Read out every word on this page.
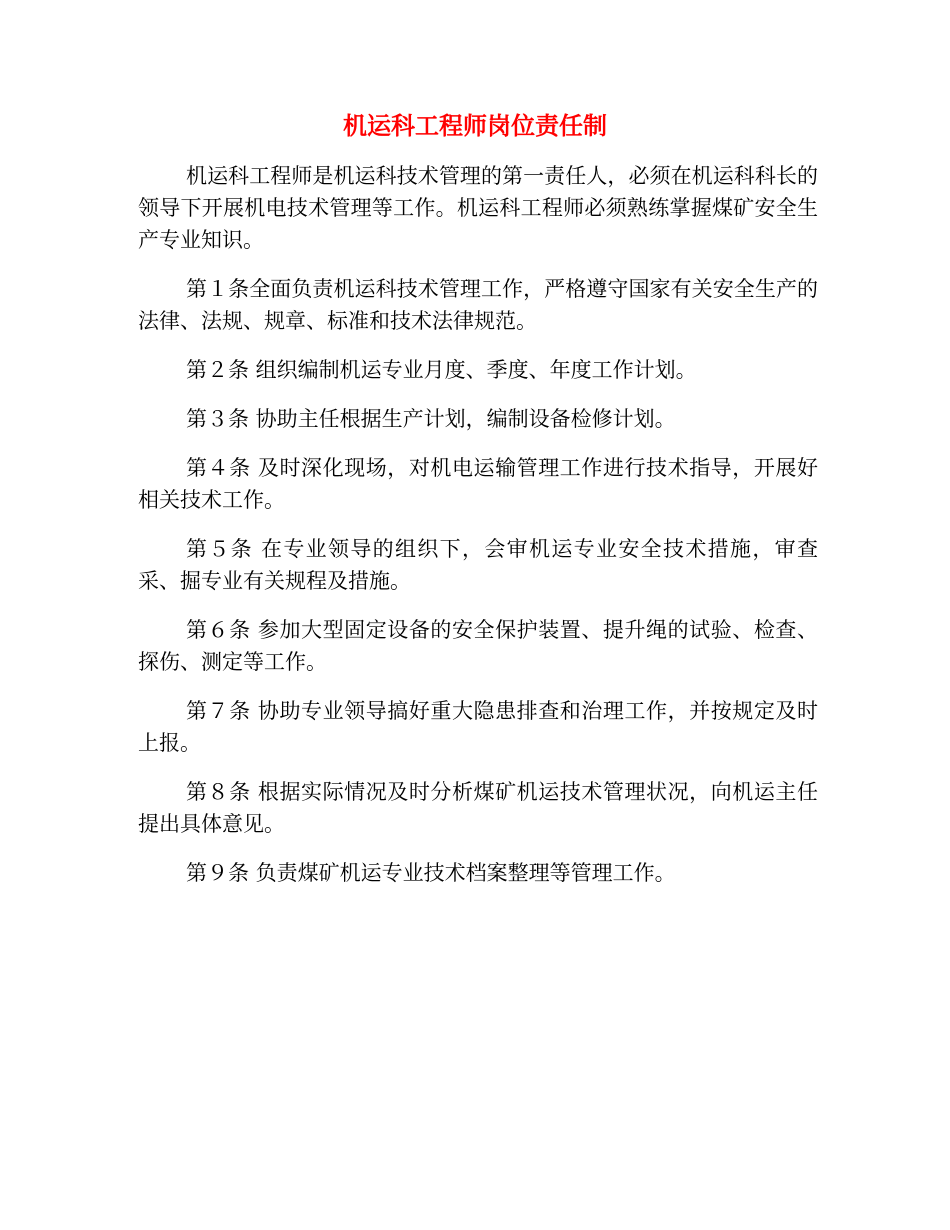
机运科工程师岗位责任制

机运科工程师是机运科技术管理的第一责任人，必须在机运科科长的领导下开展机电技术管理等工作。机运科工程师必须熟练掌握煤矿安全生产专业知识。

第１条全面负责机运科技术管理工作，严格遵守国家有关安全生产的法律、法规、规章、标准和技术法律规范。

第２条 组织编制机运专业月度、季度、年度工作计划。

第３条 协助主任根据生产计划，编制设备检修计划。

第４条 及时深化现场，对机电运输管理工作进行技术指导，开展好相关技术工作。

第５条 在专业领导的组织下，会审机运专业安全技术措施，审查采、掘专业有关规程及措施。

第６条 参加大型固定设备的安全保护装置、提升绳的试验、检查、探伤、测定等工作。

第７条 协助专业领导搞好重大隐患排查和治理工作，并按规定及时上报。

第８条 根据实际情况及时分析煤矿机运技术管理状况，向机运主任提出具体意见。

第９条 负责煤矿机运专业技术档案整理等管理工作。
